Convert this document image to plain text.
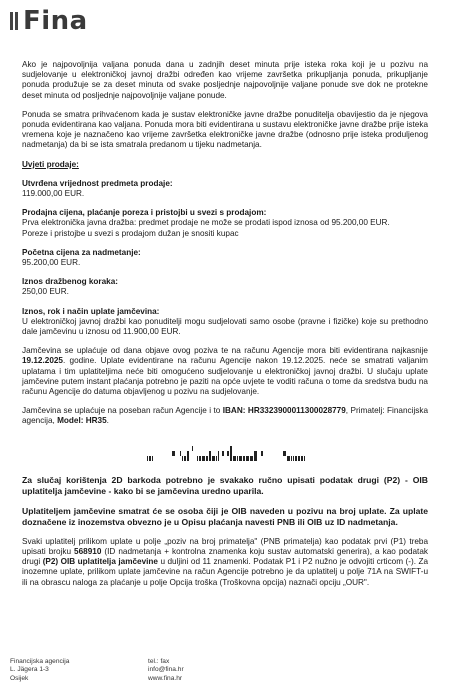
Fina

Ako je najpovoljnija valjana ponuda dana u zadnjih deset minuta prije isteka roka koji je u pozivu na sudjelovanje u elektroničkoj javnoj dražbi određen kao vrijeme završetka prikupljanja ponuda, prikupljanje ponuda produžuje se za deset minuta od svake posljednje najpovoljnije valjane ponude sve dok ne protekne deset minuta od posljednje najpovoljnije valjane ponude.

Ponuda se smatra prihvaćenom kada je sustav elektroničke javne dražbe ponuditelja obavijestio da je njegova ponuda evidentirana kao valjana. Ponuda mora biti evidentirana u sustavu elektroničke javne dražbe prije isteka vremena koje je naznačeno kao vrijeme završetka elektroničke javne dražbe (odnosno prije isteka produljenog nadmetanja) da bi se ista smatrala predanom u tijeku nadmetanja.

Uvjeti prodaje:

Utvrđena vrijednost predmeta prodaje:
119.000,00 EUR.
Prodajna cijena, plaćanje poreza i pristojbi u svezi s prodajom:
Prva elektronička javna dražba: predmet prodaje ne može se prodati ispod iznosa od 95.200,00 EUR.
Poreze i pristojbe u svezi s prodajom dužan je snositi kupac
Početna cijena za nadmetanje:
95.200,00 EUR.
Iznos dražbenog koraka:
250,00 EUR.
Iznos, rok i način uplate jamčevina:
U elektroničkoj javnoj dražbi kao ponuditelji mogu sudjelovati samo osobe (pravne i fizičke) koje su prethodno dale jamčevinu u iznosu od 11.900,00 EUR.

Jamčevina se uplaćuje od dana objave ovog poziva te na računu Agencije mora biti evidentirana najkasnije 19.12.2025. godine. Uplate evidentirane na računu Agencije nakon 19.12.2025. neće se smatrati valjanim uplatama i tim uplatiteljima neće biti omogućeno sudjelovanje u elektroničkoj javnoj dražbi. U slučaju uplate jamčevine putem instant plaćanja potrebno je paziti na opće uvjete te voditi računa o tome da sredstva budu na računu Agencije do datuma objavljenog u pozivu na sudjelovanje.

Jamčevina se uplaćuje na poseban račun Agencije i to IBAN: HR3323900011300028779, Primatelj: Financijska agencija, Model: HR35.

Za slučaj korištenja 2D barkoda potrebno je svakako ručno upisati podatak drugi (P2) - OIB uplatitelja jamčevine - kako bi se jamčevina uredno uparila.

Uplatiteljem jamčevine smatrat će se osoba čiji je OIB naveden u pozivu na broj uplate. Za uplate doznačene iz inozemstva obvezno je u Opisu plaćanja navesti PNB ili OIB uz ID nadmetanja.

Svaki uplatitelj prilikom uplate u polje „poziv na broj primatelja" (PNB primatelja) kao podatak prvi (P1) treba upisati brojku 568910 (ID nadmetanja + kontrolna znamenka koju sustav automatski generira), a kao podatak drugi (P2) OIB uplatitelja jamčevine u duljini od 11 znamenki. Podatak P1 i P2 nužno je odvojiti crticom (-). Za inozemne uplate, prilikom uplate jamčevine na račun Agencije potrebno je da uplatitelj u polje 71A na SWIFT-u ili na obrascu naloga za plaćanje u polje Opcija troška (Troškovna opcija) naznači opciju „OUR".

Financijska agencija
L. Jägera 1-3
Osijek
tel.: fax
info@fina.hr
www.fina.hr
